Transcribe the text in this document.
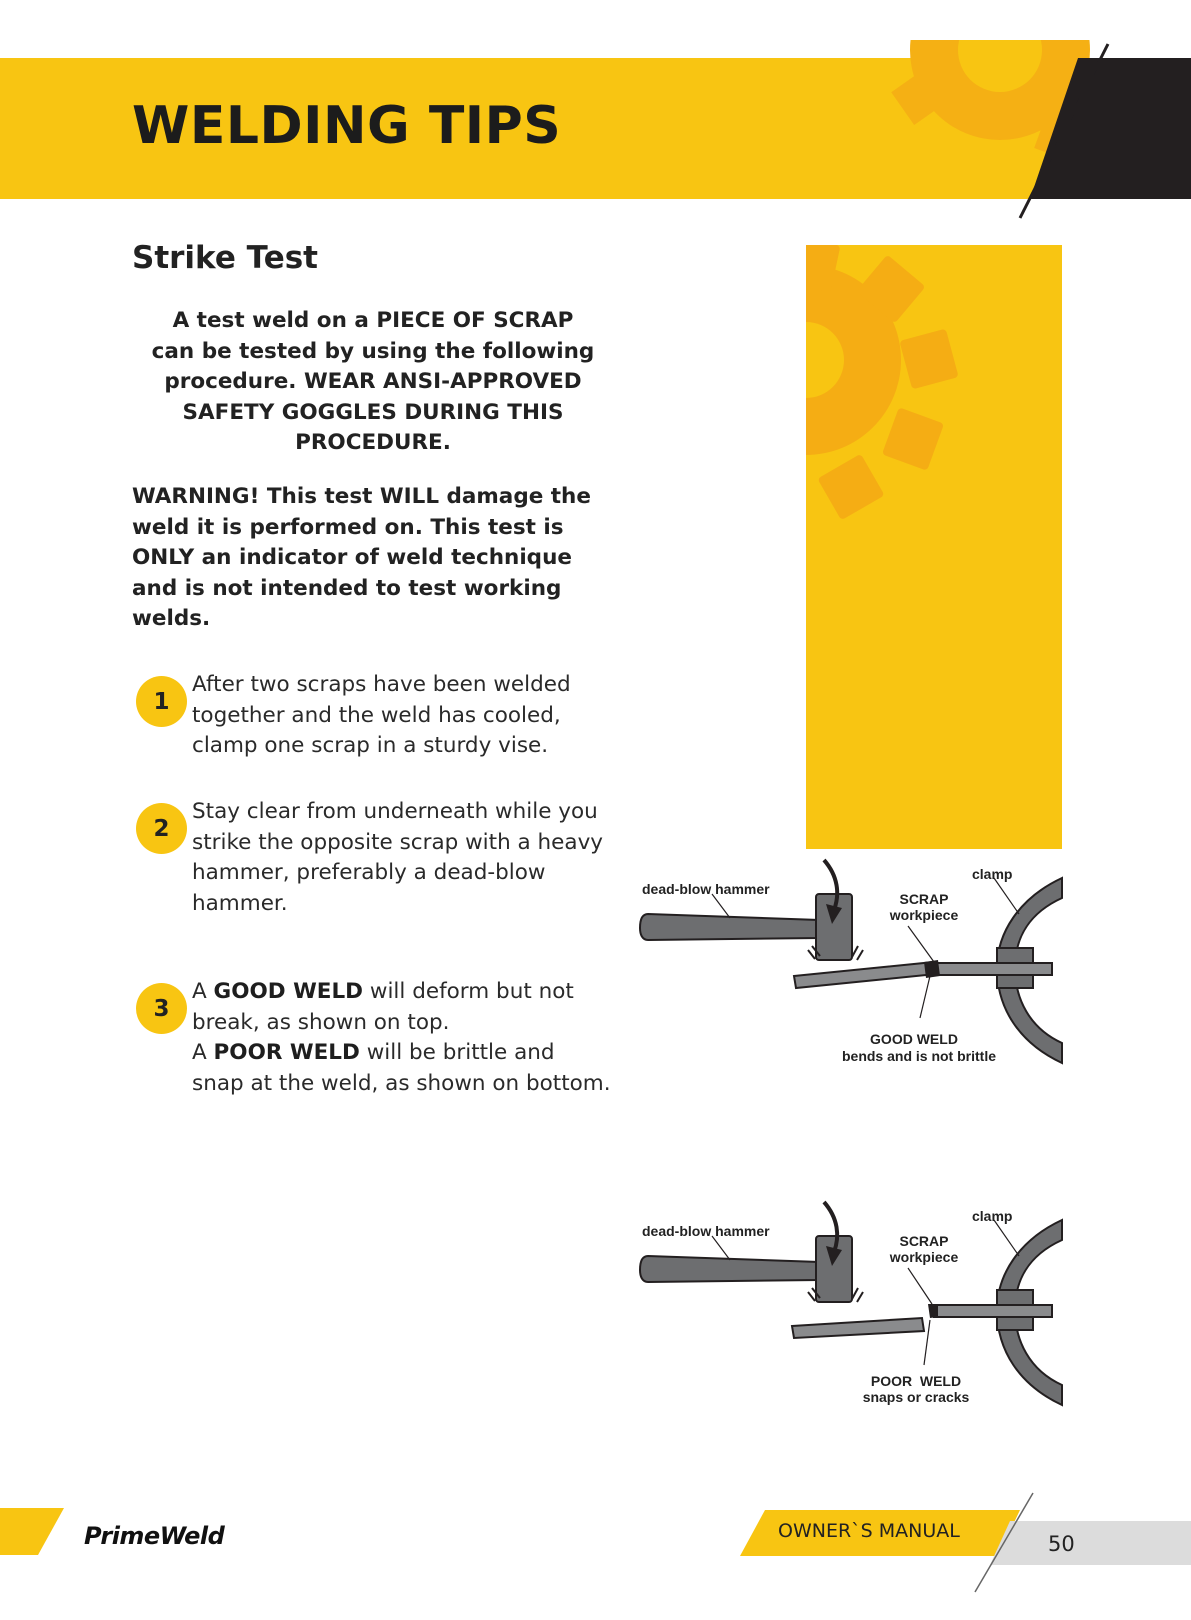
WELDING TIPS
Strike Test
A test weld on a PIECE OF SCRAP can be tested by using the following procedure. WEAR ANSI-APPROVED SAFETY GOGGLES DURING THIS PROCEDURE.
WARNING! This test WILL damage the weld it is performed on. This test is ONLY an indicator of weld technique and is not intended to test working welds.
1
After two scraps have been welded together and the weld has cooled, clamp one scrap in a sturdy vise.
2
Stay clear from underneath while you strike the opposite scrap with a heavy hammer, preferably a dead-blow hammer.
3
A GOOD WELD will deform but not break, as shown on top.
A POOR WELD will be brittle and snap at the weld, as shown on bottom.
dead-blow hammer
clamp
SCRAP
workpiece
GOOD WELD
bends and is not brittle
dead-blow hammer
clamp
SCRAP
workpiece
POOR  WELD
snaps or cracks
PrimeWeld	OWNER`S MANUAL
50
